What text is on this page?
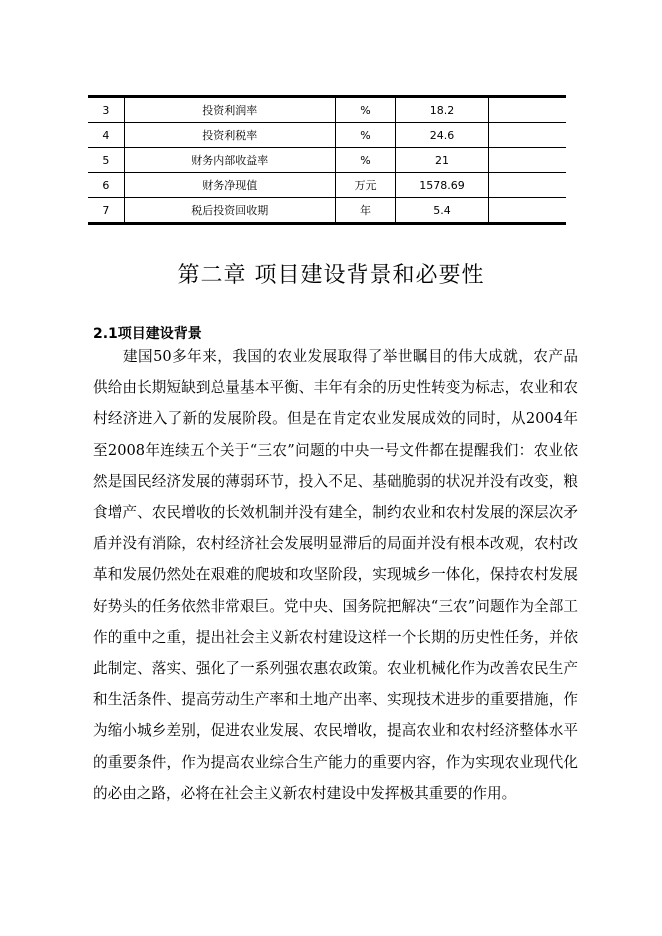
3	投资利润率	%	18.2	
4	投资利税率	%	24.6	
5	财务内部收益率	%	21	
6	财务净现值	万元	1578.69	
7	税后投资回收期	年	5.4	
第二章 项目建设背景和必要性
2.1项目建设背景

建国50多年来，我国的农业发展取得了举世瞩目的伟大成就，农产品供给由长期短缺到总量基本平衡、丰年有余的历史性转变为标志，农业和农村经济进入了新的发展阶段。但是在肯定农业发展成效的同时，从2004年至2008年连续五个关于“三农”问题的中央一号文件都在提醒我们：农业依然是国民经济发展的薄弱环节，投入不足、基础脆弱的状况并没有改变，粮食增产、农民增收的长效机制并没有建全，制约农业和农村发展的深层次矛盾并没有消除，农村经济社会发展明显滞后的局面并没有根本改观，农村改革和发展仍然处在艰难的爬坡和攻坚阶段，实现城乡一体化，保持农村发展好势头的任务依然非常艰巨。党中央、国务院把解决“三农”问题作为全部工作的重中之重，提出社会主义新农村建设这样一个长期的历史性任务，并依此制定、落实、强化了一系列强农惠农政策。农业机械化作为改善农民生产和生活条件、提高劳动生产率和土地产出率、实现技术进步的重要措施，作为缩小城乡差别，促进农业发展、农民增收，提高农业和农村经济整体水平的重要条件，作为提高农业综合生产能力的重要内容，作为实现农业现代化的必由之路，必将在社会主义新农村建设中发挥极其重要的作用。
